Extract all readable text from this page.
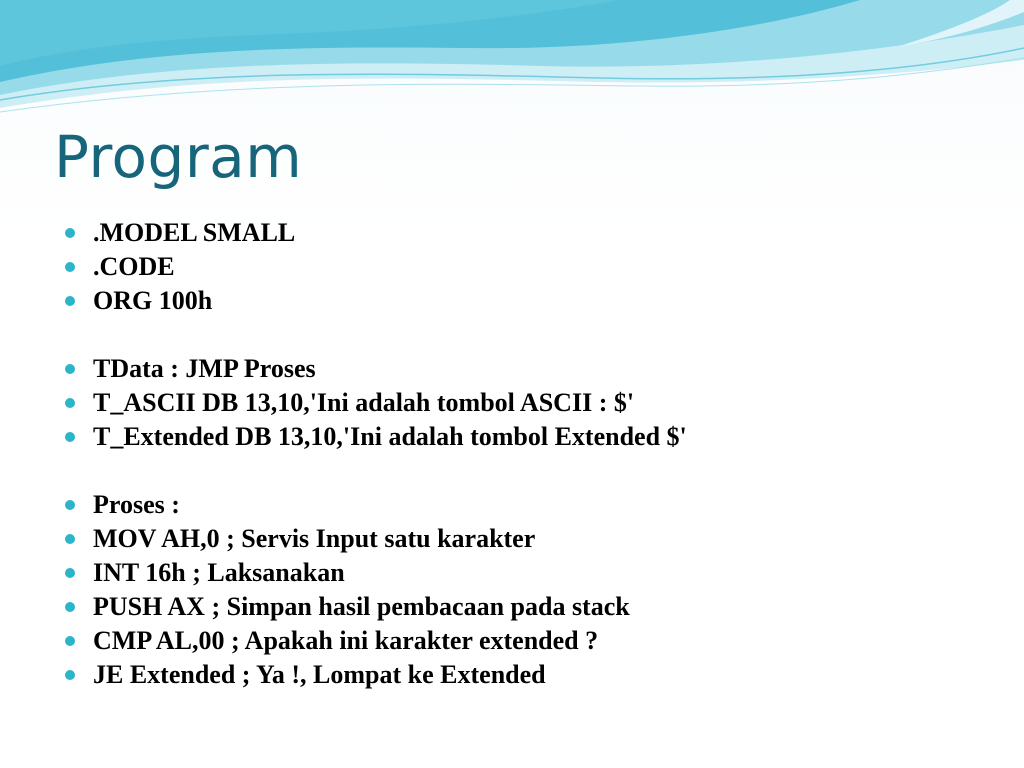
Program
.MODEL SMALL
.CODE
ORG 100h
TData : JMP Proses
T_ASCII DB 13,10,'Ini adalah tombol ASCII : $'
T_Extended DB 13,10,'Ini adalah tombol Extended $'
Proses :
MOV AH,0 ; Servis Input satu karakter
INT 16h ; Laksanakan
PUSH AX ; Simpan hasil pembacaan pada stack
CMP AL,00 ; Apakah ini karakter extended ?
JE Extended ; Ya !, Lompat ke Extended
